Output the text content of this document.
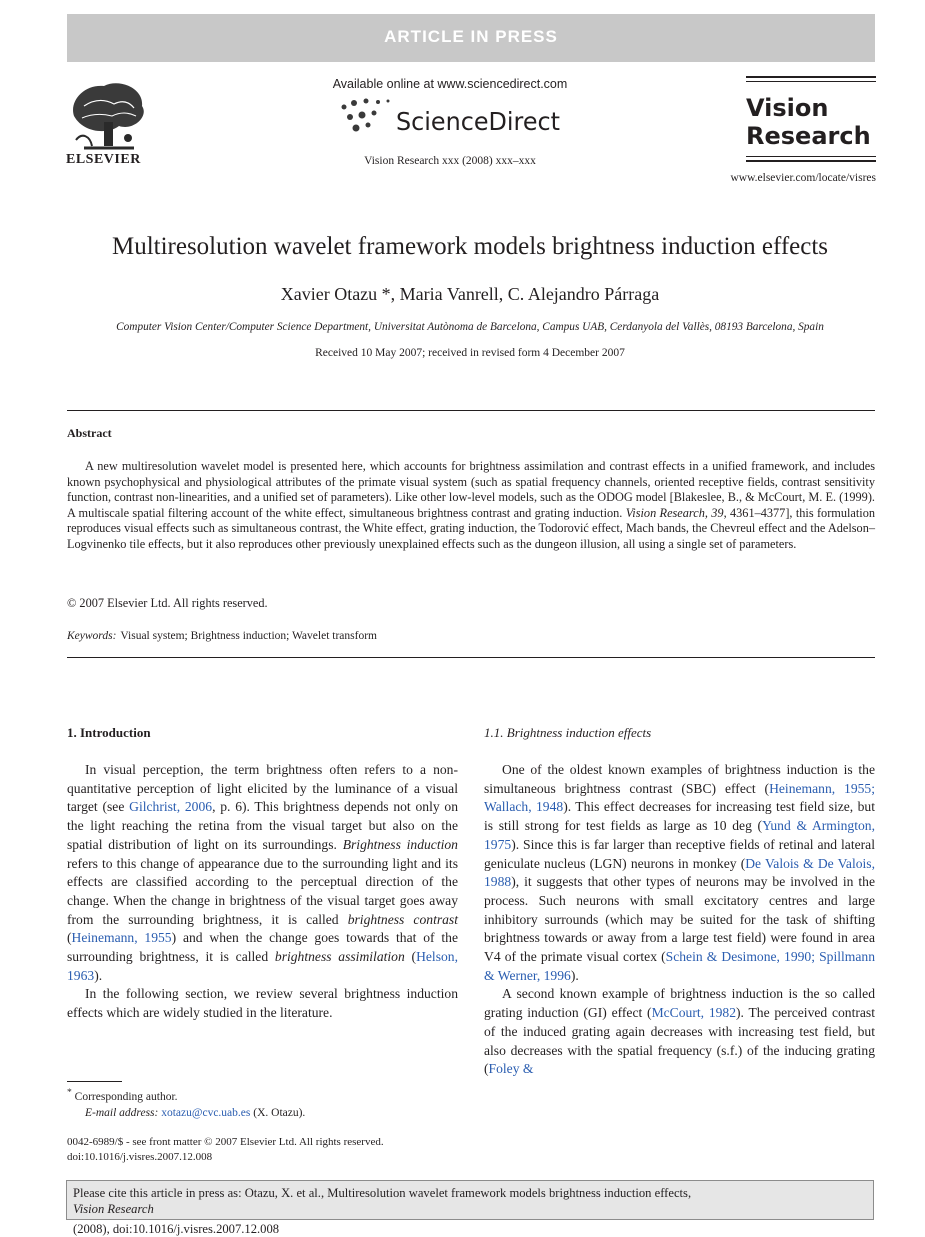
ARTICLE IN PRESS
ELSEVIER
Available online at www.sciencedirect.com
ScienceDirect
Vision Research xxx (2008) xxx–xxx
Vision
Research
www.elsevier.com/locate/visres
Multiresolution wavelet framework models brightness induction effects
Xavier Otazu *, Maria Vanrell, C. Alejandro Párraga
Computer Vision Center/Computer Science Department, Universitat Autònoma de Barcelona, Campus UAB, Cerdanyola del Vallès, 08193 Barcelona, Spain
Received 10 May 2007; received in revised form 4 December 2007
Abstract
A new multiresolution wavelet model is presented here, which accounts for brightness assimilation and contrast effects in a unified framework, and includes known psychophysical and physiological attributes of the primate visual system (such as spatial frequency channels, oriented receptive fields, contrast sensitivity function, contrast non-linearities, and a unified set of parameters). Like other low-level models, such as the ODOG model [Blakeslee, B., & McCourt, M. E. (1999). A multiscale spatial filtering account of the white effect, simultaneous brightness contrast and grating induction. Vision Research, 39, 4361–4377], this formulation reproduces visual effects such as simultaneous contrast, the White effect, grating induction, the Todorović effect, Mach bands, the Chevreul effect and the Adelson–Logvinenko tile effects, but it also reproduces other previously unexplained effects such as the dungeon illusion, all using a single set of parameters.
© 2007 Elsevier Ltd. All rights reserved.
Keywords: Visual system; Brightness induction; Wavelet transform
1. Introduction	1.1. Brightness induction effects

In visual perception, the term brightness often refers to a non-quantitative perception of light elicited by the luminance of a visual target (see Gilchrist, 2006, p. 6). This brightness depends not only on the light reaching the retina from the visual target but also on the spatial distribution of light on its surroundings. Brightness induction refers to this change of appearance due to the surrounding light and its effects are classified according to the perceptual direction of the change. When the change in brightness of the visual target goes away from the surrounding brightness, it is called brightness contrast (Heinemann, 1955) and when the change goes towards that of the surrounding brightness, it is called brightness assimilation (Helson, 1963).

In the following section, we review several brightness induction effects which are widely studied in the literature.

One of the oldest known examples of brightness induction is the simultaneous brightness contrast (SBC) effect (Heinemann, 1955; Wallach, 1948). This effect decreases for increasing test field size, but is still strong for test fields as large as 10 deg (Yund & Armington, 1975). Since this is far larger than receptive fields of retinal and lateral geniculate nucleus (LGN) neurons in monkey (De Valois & De Valois, 1988), it suggests that other types of neurons may be involved in the process. Such neurons with small excitatory centres and large inhibitory surrounds (which may be suited for the task of shifting brightness towards or away from a large test field) were found in area V4 of the primate visual cortex (Schein & Desimone, 1990; Spillmann & Werner, 1996).

A second known example of brightness induction is the so called grating induction (GI) effect (McCourt, 1982). The perceived contrast of the induced grating again decreases with increasing test field, but also decreases with the spatial frequency (s.f.) of the inducing grating (Foley &

* Corresponding author.
E-mail address: xotazu@cvc.uab.es (X. Otazu).
0042-6989/$ - see front matter © 2007 Elsevier Ltd. All rights reserved.
doi:10.1016/j.visres.2007.12.008
Please cite this article in press as: Otazu, X. et al., Multiresolution wavelet framework models brightness induction effects,
Vision Research
(2008), doi:10.1016/j.visres.2007.12.008
